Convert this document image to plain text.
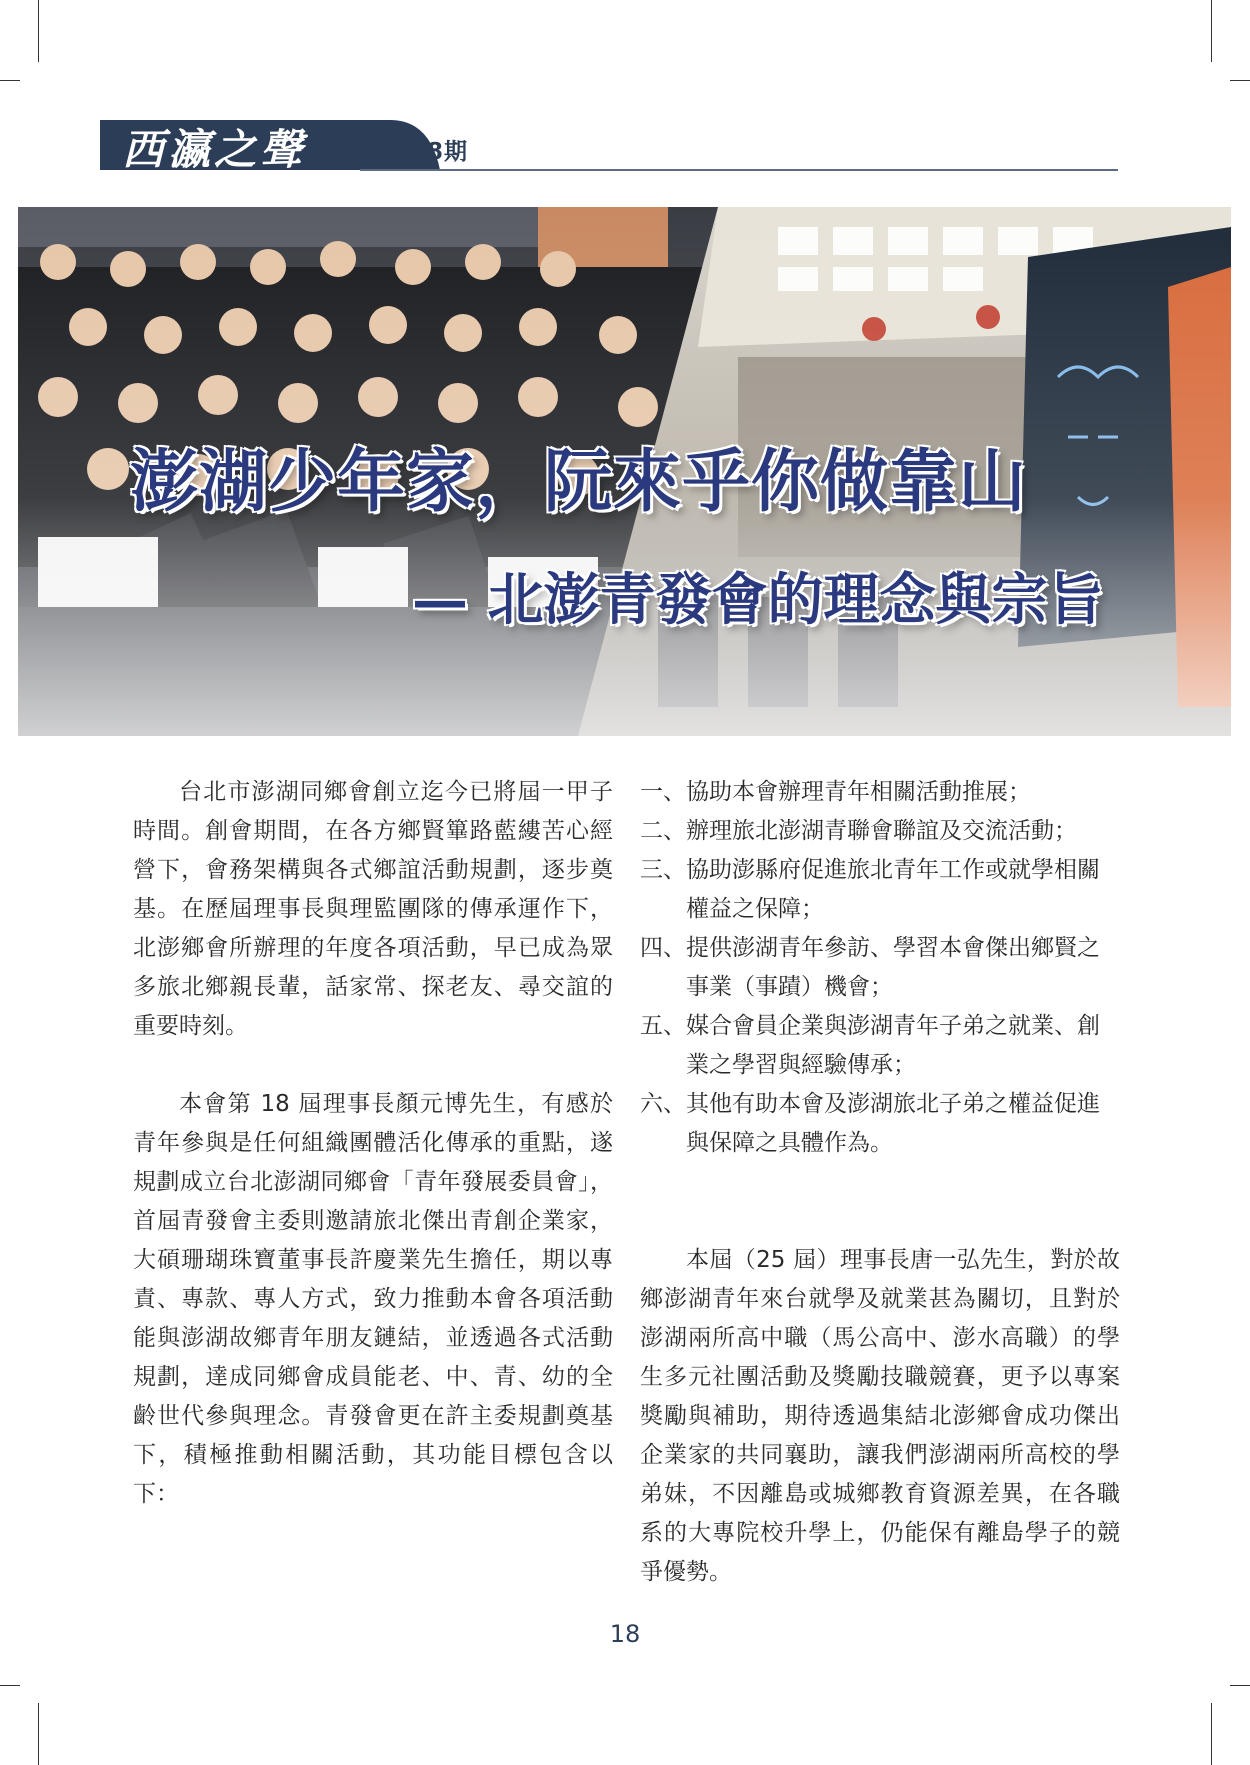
西瀛之聲 年刊48期
澎湖少年家，阮來乎你做靠山
— 北澎青發會的理念與宗旨

台北市澎湖同鄉會創立迄今已將屆一甲子時間。創會期間，在各方鄉賢篳路藍縷苦心經營下，會務架構與各式鄉誼活動規劃，逐步奠基。在歷屆理事長與理監團隊的傳承運作下，北澎鄉會所辦理的年度各項活動，早已成為眾多旅北鄉親長輩，話家常、探老友、尋交誼的重要時刻。

本會第 18 屆理事長顏元博先生，有感於青年參與是任何組織團體活化傳承的重點，遂規劃成立台北澎湖同鄉會「青年發展委員會」，首屆青發會主委則邀請旅北傑出青創企業家，大碩珊瑚珠寶董事長許慶業先生擔任，期以專責、專款、專人方式，致力推動本會各項活動能與澎湖故鄉青年朋友鏈結，並透過各式活動規劃，達成同鄉會成員能老、中、青、幼的全齡世代參與理念。青發會更在許主委規劃奠基下，積極推動相關活動，其功能目標包含以下：

一、 協助本會辦理青年相關活動推展；
二、 辦理旅北澎湖青聯會聯誼及交流活動；
三、 協助澎縣府促進旅北青年工作或就學相關權益之保障；
四、 提供澎湖青年參訪、學習本會傑出鄉賢之事業（事蹟）機會；
五、 媒合會員企業與澎湖青年子弟之就業、創業之學習與經驗傳承；
六、 其他有助本會及澎湖旅北子弟之權益促進與保障之具體作為。

本屆（25 屆）理事長唐一弘先生，對於故鄉澎湖青年來台就學及就業甚為關切，且對於澎湖兩所高中職（馬公高中、澎水高職）的學生多元社團活動及獎勵技職競賽，更予以專案獎勵與補助，期待透過集結北澎鄉會成功傑出企業家的共同襄助，讓我們澎湖兩所高校的學弟妹，不因離島或城鄉教育資源差異，在各職系的大專院校升學上，仍能保有離島學子的競爭優勢。

18
